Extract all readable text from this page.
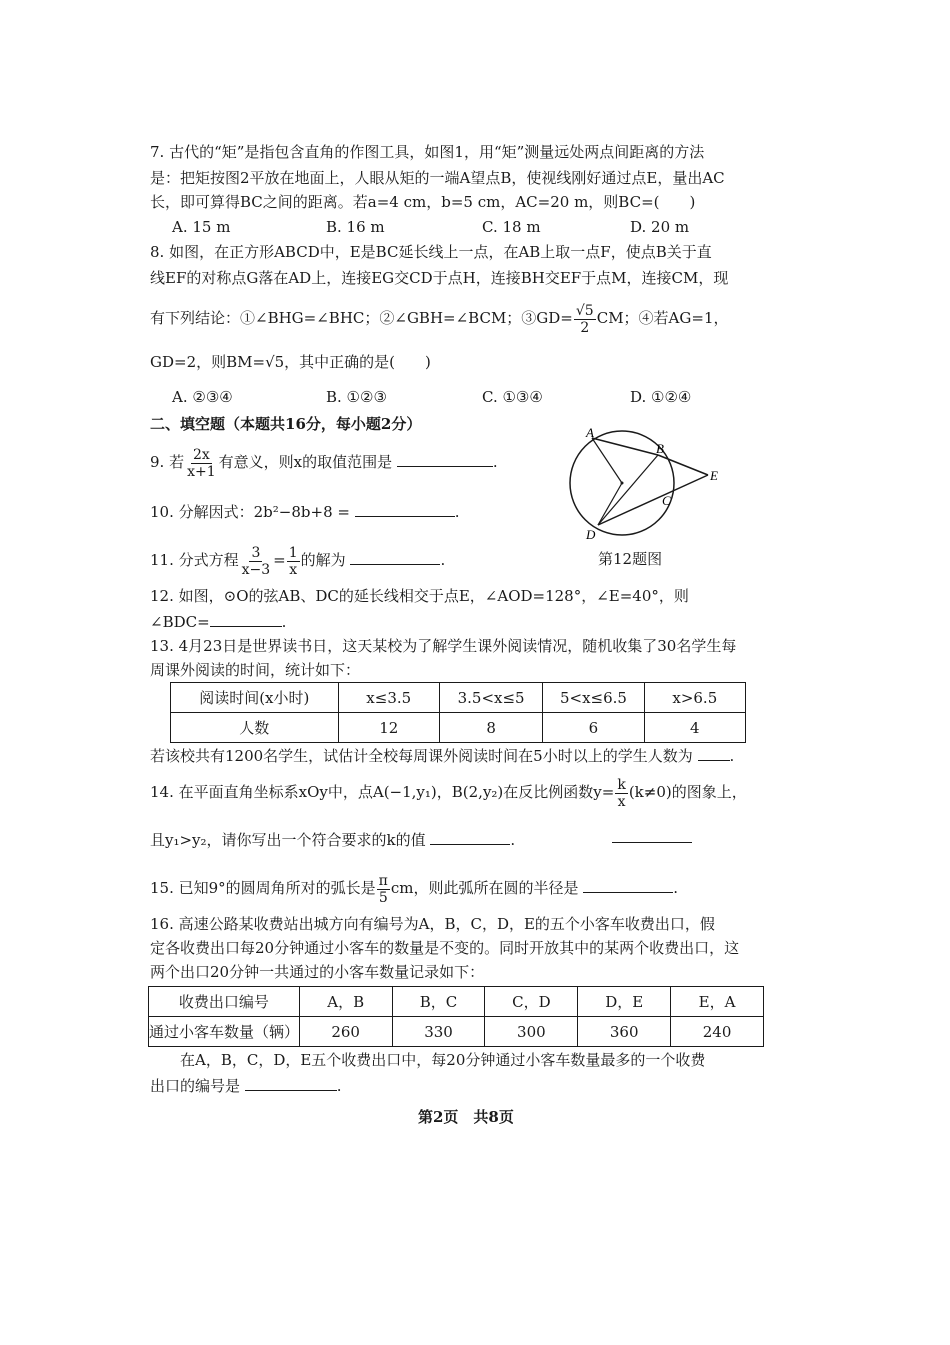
7. 古代的“矩”是指包含直角的作图工具，如图1，用“矩”测量远处两点间距离的方法
是：把矩按图2平放在地面上，人眼从矩的一端A望点B，使视线刚好通过点E，量出AC
长，即可算得BC之间的距离。若a=4 cm，b=5 cm，AC=20 m，则BC=(　　)
A. 15 m	B. 16 m	C. 18 m	D. 20 m
8. 如图，在正方形ABCD中，E是BC延长线上一点，在AB上取一点F，使点B关于直
线EF的对称点G落在AD上，连接EG交CD于点H，连接BH交EF于点M，连接CM，现
有下列结论：①∠BHG=∠BHC；②∠GBH=∠BCM；③GD= $\frac{√5}{2}$ CM；④若AG=1，
GD=2，则BM=√5，其中正确的是(　　)
A. ②③④	B. ①②③	C. ①③④	D. ①②④
二、填空题（本题共16分，每小题2分）
9. 若 $\frac{2x}{x+1}$ 有意义，则x的取值范围是	.
10. 分解因式：2b²−8b+8 =	.
11. 分式方程 $\frac{3}{x-3} = \frac{1}{x}$ 的解为	.
A
B
E
C
D
第12题图
12. 如图，⊙O的弦AB、DC的延长线相交于点E，∠AOD=128°，∠E=40°，则
∠BDC=	.
13. 4月23日是世界读书日，这天某校为了解学生课外阅读情况，随机收集了30名学生每
周课外阅读的时间，统计如下：
阅读时间(x小时)	x≤3.5	3.5<x≤5	5<x≤6.5	x>6.5
人数	12	8	6	4
若该校共有1200名学生，试估计全校每周课外阅读时间在5小时以上的学生人数为 .
14. 在平面直角坐标系xOy中，点A(−1,y₁)，B(2,y₂)在反比例函数$y= \frac{k}{x} (k\ne 0)$的图象上，
且y₁>y₂，请你写出一个符合要求的k的值	.
15. 已知9°的圆周角所对的弧长是 $\frac{\pi}{5}$ cm，则此弧所在圆的半径是	.
16. 高速公路某收费站出城方向有编号为A，B，C，D，E的五个小客车收费出口，假
定各收费出口每20分钟通过小客车的数量是不变的。同时开放其中的某两个收费出口，这
两个出口20分钟一共通过的小客车数量记录如下：
收费出口编号	A，B	B，C	C，D	D，E	E，A
通过小客车数量（辆）	260	330	300	360	240
在A，B，C，D，E五个收费出口中，每20分钟通过小客车数量最多的一个收费
出口的编号是	.
第2页　共8页
